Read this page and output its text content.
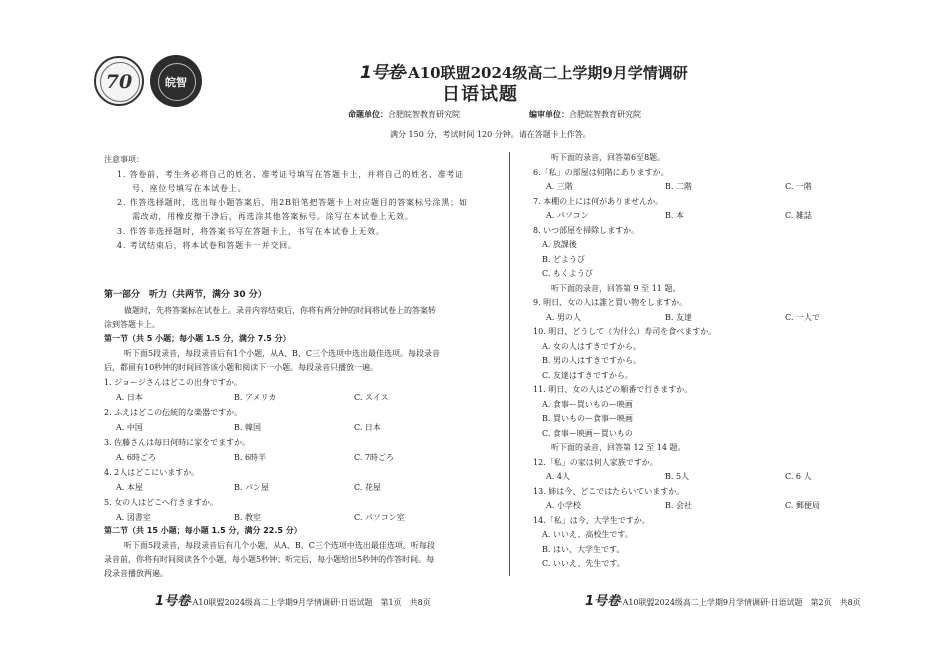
70	皖智	1号卷·A10联盟2024级高二上学期9月学情调研
日语试题
命题单位：合肥皖智教育研究院	编审单位：合肥皖智教育研究院
满分 150 分，考试时间 120 分钟。请在答题卡上作答。
注意事项：
1. 答卷前，考生务必将自己的姓名、准考证号填写在答题卡上，并将自己的姓名、准考证
号、座位号填写在本试卷上。
2. 作答选择题时，选出每小题答案后，用2B铅笔把答题卡上对应题目的答案标号涂黑；如
需改动，用橡皮擦干净后，再选涂其他答案标号。涂写在本试卷上无效。
3. 作答非选择题时，将答案书写在答题卡上，书写在本试卷上无效。
4. 考试结束后，将本试卷和答题卡一并交回。
第一部分　听力（共两节，满分 30 分）
做题时，先将答案标在试卷上。录音内容结束后，你将有两分钟的时间将试卷上的答案转
涂到答题卡上。
第一节（共 5 小题；每小题 1.5 分，满分 7.5 分）
听下面5段录音，每段录音后有1个小题，从A、B、C三个选项中选出最佳选项。每段录音
后，都留有10秒钟的时间回答该小题和阅读下一小题。每段录音只播放一遍。
1. ジョージさんはどこの出身ですか。
A. 日本	B. アメリカ	C. スイス
2. ふえはどこの伝統的な楽器ですか。
A. 中国	B. 韓国	C. 日本
3. 佐藤さんは毎日何時に家をでますか。
A. 6時ごろ	B. 6時半	C. 7時ごろ
4. 2人はどこにいますか。
A. 本屋	B. パン屋	C. 花屋
5. 女の人はどこへ行きますか。
A. 図書室	B. 教室	C. パソコン室
第二节（共 15 小题；每小题 1.5 分，满分 22.5 分）
听下面5段录音，每段录音后有几个小题，从A、B、C三个选项中选出最佳选项。听每段
录音前，你将有时间阅读各个小题，每小题5秒钟；听完后，每小题给出5秒钟的作答时间。每
段录音播放两遍。
听下面的录音，回答第6至8题。
6.「私」の部屋は何階にありますか。
A. 三階	B. 二階	C. 一階
7. 本棚の上には何がありませんか。
A. パソコン	B. 本	C. 雑誌
8. いつ部屋を掃除しますか。
A. 放課後
B. どようび
C. もくようび
听下面的录音，回答第 9 至 11 题。
9. 明日、女の人は誰と買い物をしますか。
A. 男の人	B. 友達	C. 一人で
10. 明日、どうして（为什么）寿司を食べますか。
A. 女の人はすきですから。
B. 男の人はすきですから。
C. 友達はすきですから。
11. 明日、女の人はどの順番で行きますか。
A. 食事ー買いものー映画
B. 買いものー食事ー映画
C. 食事ー映画ー買いもの
听下面的录音，回答第 12 至 14 题。
12.「私」の家は何人家族ですか。
A. 4人	B. 5人	C. 6 人
13. 姉は今、どこではたらいていますか。
A. 小学校	B. 会社	C. 郵便局
14.「私」は今、大学生ですか。
A. いいえ、高校生です。
B. はい、大学生です。
C. いいえ、先生です。
1号卷·A10联盟2024级高二上学期9月学情调研·日语试题　第1页　共8页	1号卷·A10联盟2024级高二上学期9月学情调研·日语试题　第2页　共8页
